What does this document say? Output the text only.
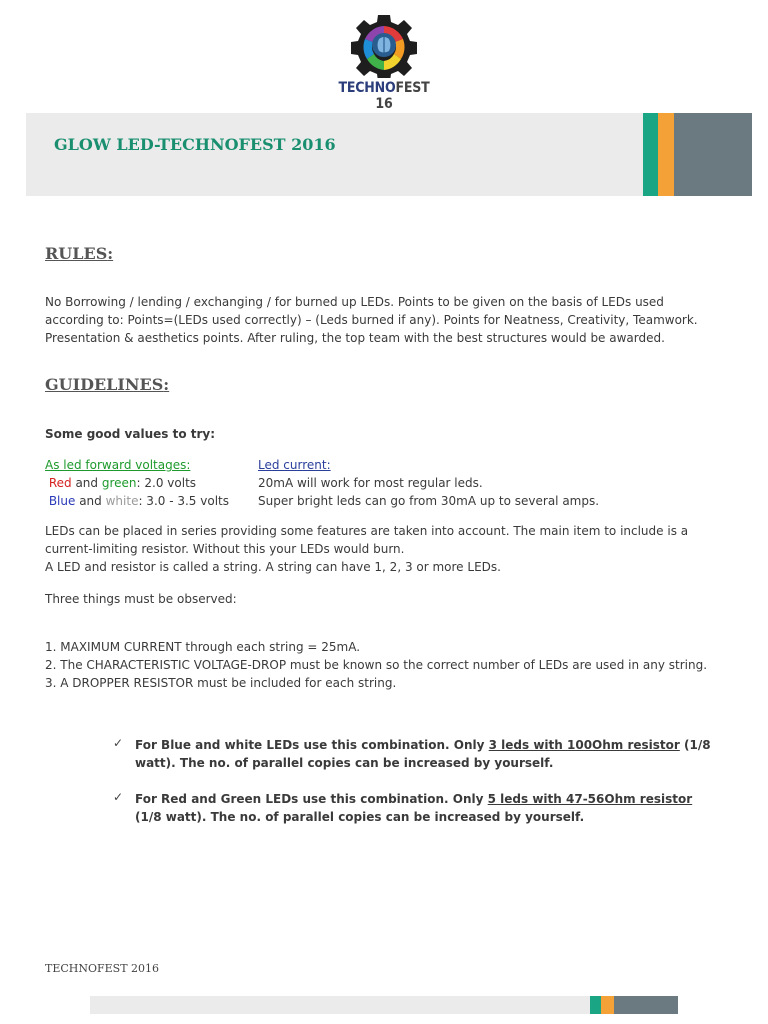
TECHNOFEST 16
GLOW LED-TECHNOFEST 2016
RULES:

No Borrowing / lending / exchanging / for burned up LEDs. Points to be given on the basis of LEDs used
according to: Points=(LEDs used correctly) – (Leds burned if any). Points for Neatness, Creativity, Teamwork.
Presentation & aesthetics points. After ruling, the top team with the best structures would be awarded.

GUIDELINES:
Some good values to try:
As led forward voltages:
Red and green: 2.0 volts
Blue and white: 3.0 - 3.5 volts
Led current:
20mA will work for most regular leds.
Super bright leds can go from 30mA up to several amps.

LEDs can be placed in series providing some features are taken into account. The main item to include is a
current-limiting resistor. Without this your LEDs would burn.
A LED and resistor is called a string. A string can have 1, 2, 3 or more LEDs.

Three things must be observed:

1. MAXIMUM CURRENT through each string = 25mA.
2. The CHARACTERISTIC VOLTAGE-DROP must be known so the correct number of LEDs are used in any string.
3. A DROPPER RESISTOR must be included for each string.

✓ For Blue and white LEDs use this combination. Only 3 leds with 100Ohm resistor (1/8
watt). The no. of parallel copies can be increased by yourself.
✓ For Red and Green LEDs use this combination. Only 5 leds with 47-56Ohm resistor
(1/8 watt). The no. of parallel copies can be increased by yourself.
TECHNOFEST 2016
